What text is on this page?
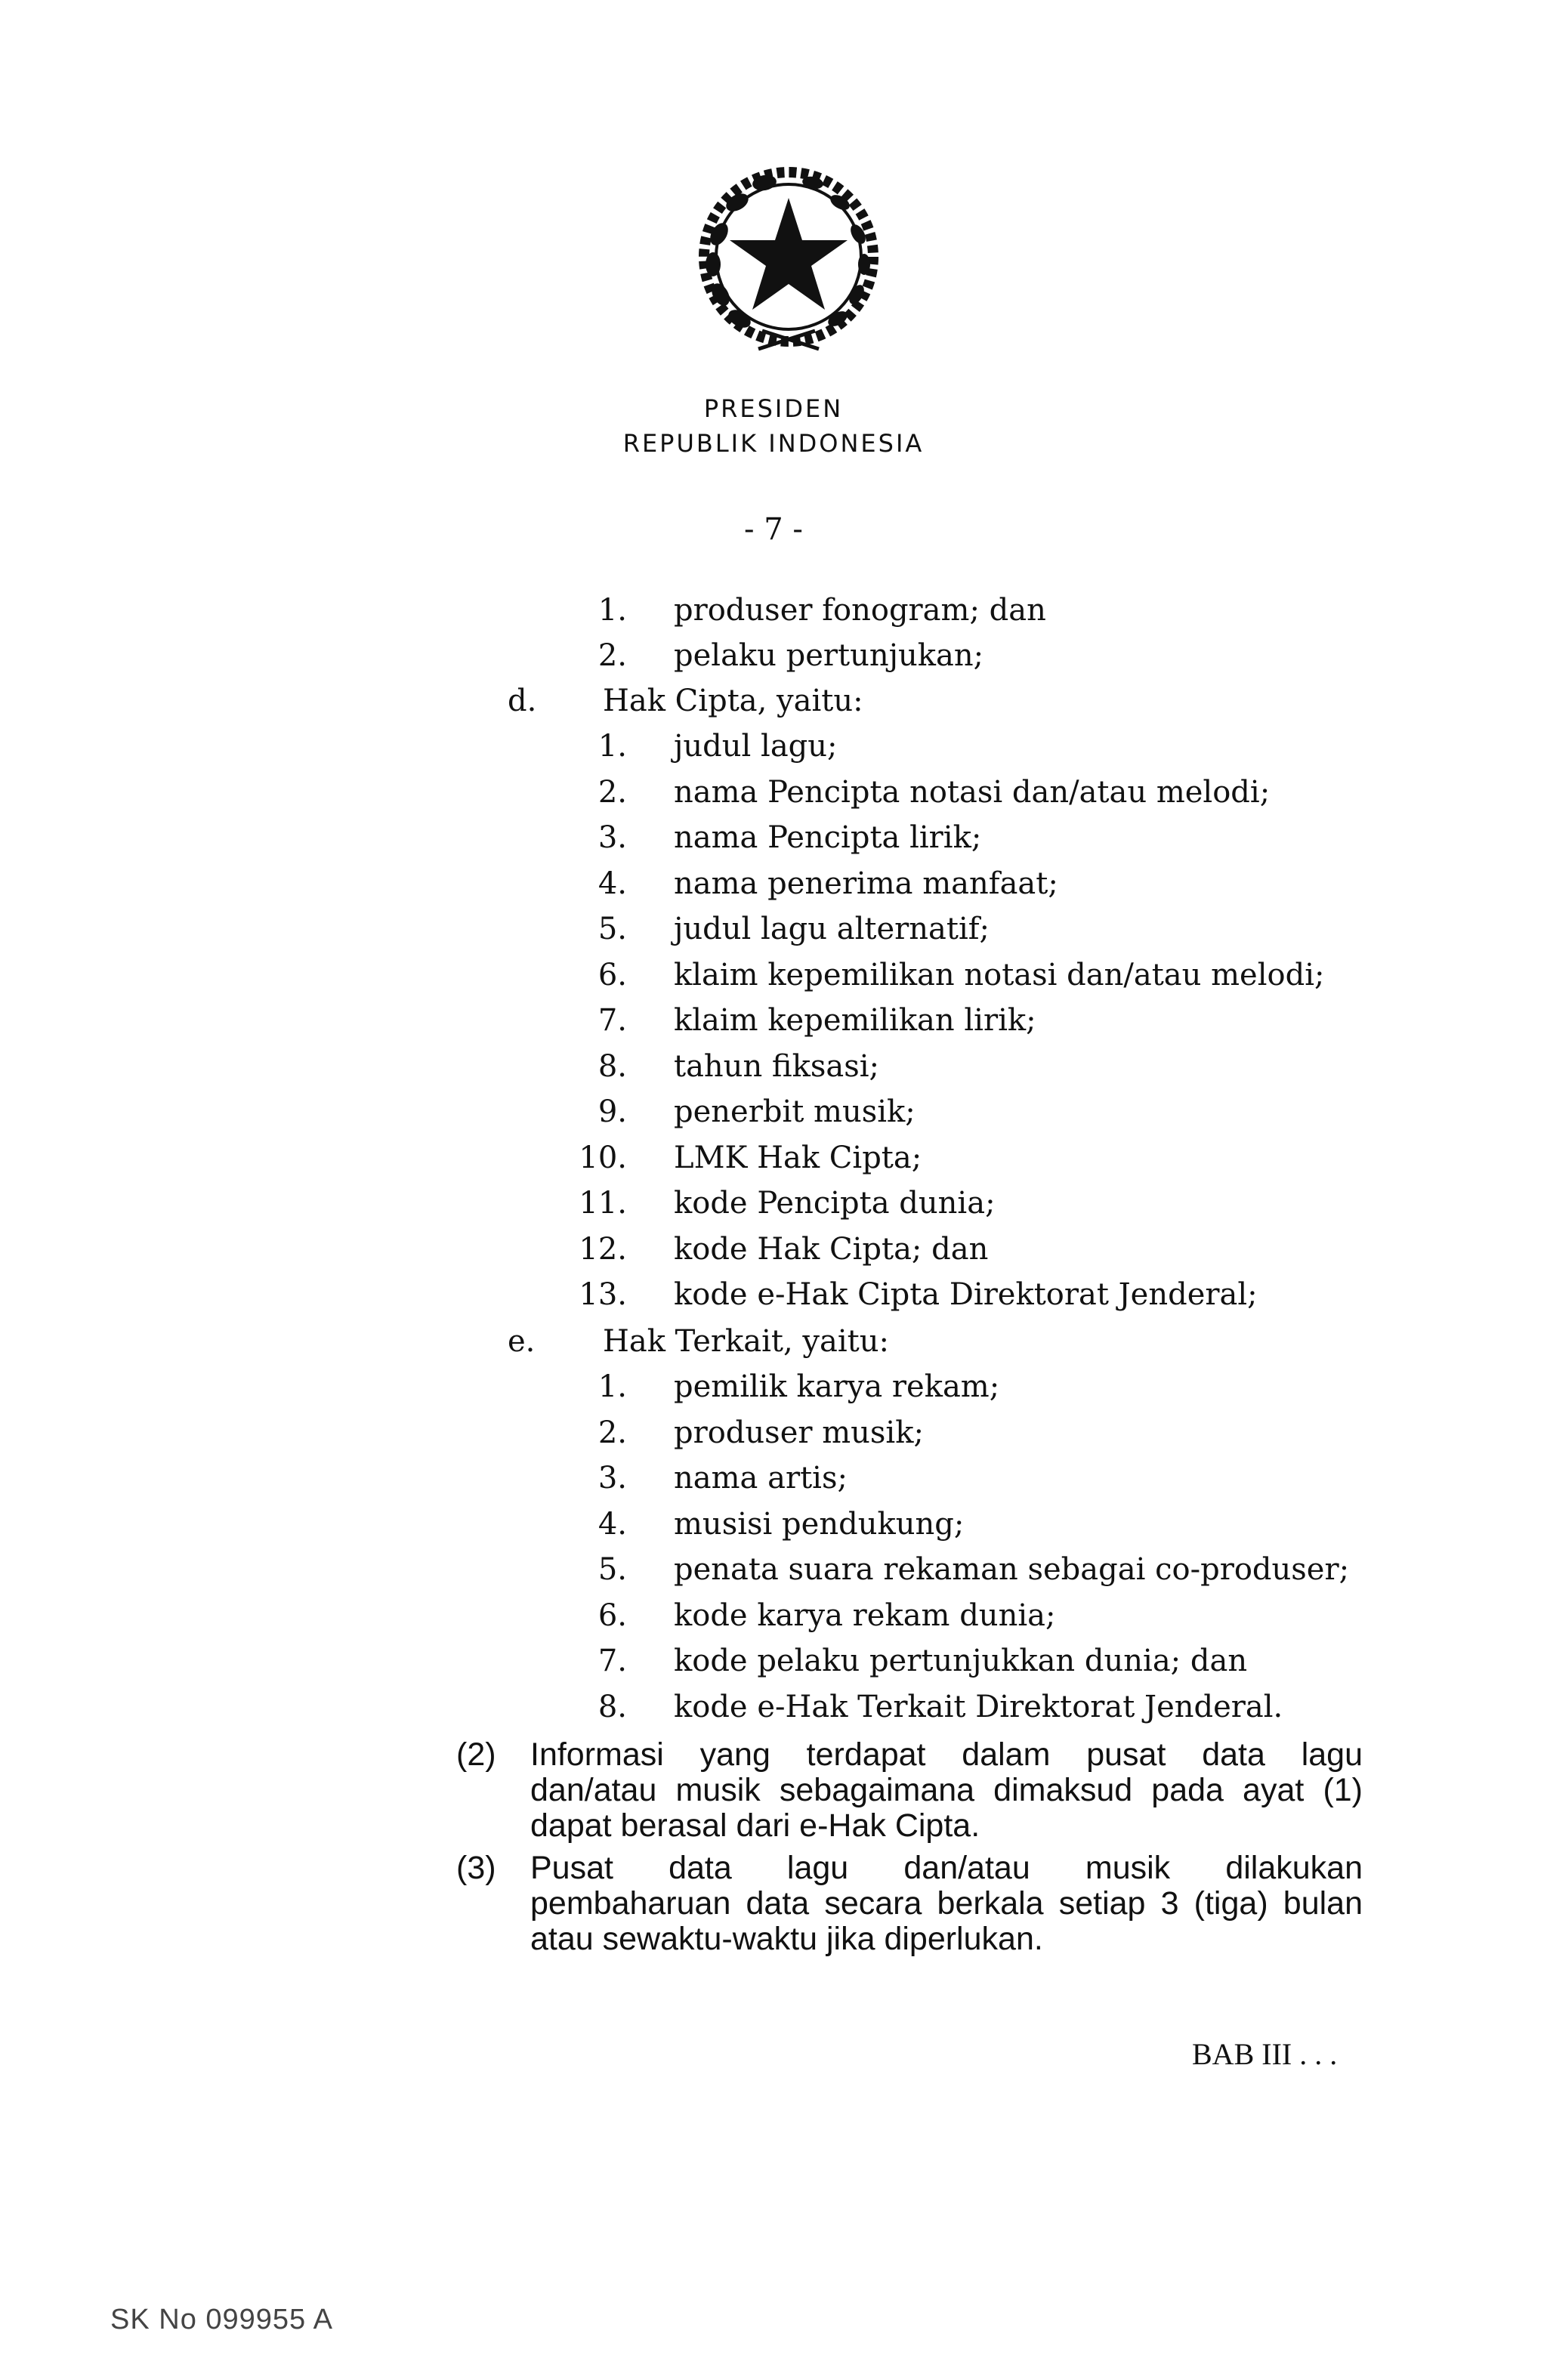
PRESIDEN
REPUBLIK INDONESIA
- 7 -
1. produser fonogram; dan
2. pelaku pertunjukan;
d. Hak Cipta, yaitu:
1. judul lagu;
2. nama Pencipta notasi dan/atau melodi;
3. nama Pencipta lirik;
4. nama penerima manfaat;
5. judul lagu alternatif;
6. klaim kepemilikan notasi dan/atau melodi;
7. klaim kepemilikan lirik;
8. tahun fiksasi;
9. penerbit musik;
10. LMK Hak Cipta;
11. kode Pencipta dunia;
12. kode Hak Cipta; dan
13. kode e-Hak Cipta Direktorat Jenderal;
e. Hak Terkait, yaitu:
1. pemilik karya rekam;
2. produser musik;
3. nama artis;
4. musisi pendukung;
5. penata suara rekaman sebagai co-produser;
6. kode karya rekam dunia;
7. kode pelaku pertunjukkan dunia; dan
8. kode e-Hak Terkait Direktorat Jenderal.
(2) Informasi yang terdapat dalam pusat data lagu
dan/atau musik sebagaimana dimaksud pada ayat (1)
dapat berasal dari e-Hak Cipta.
(3) Pusat data lagu dan/atau musik dilakukan
pembaharuan data secara berkala setiap 3 (tiga) bulan
atau sewaktu-waktu jika diperlukan.
BAB III . . .
SK No 099955 A
